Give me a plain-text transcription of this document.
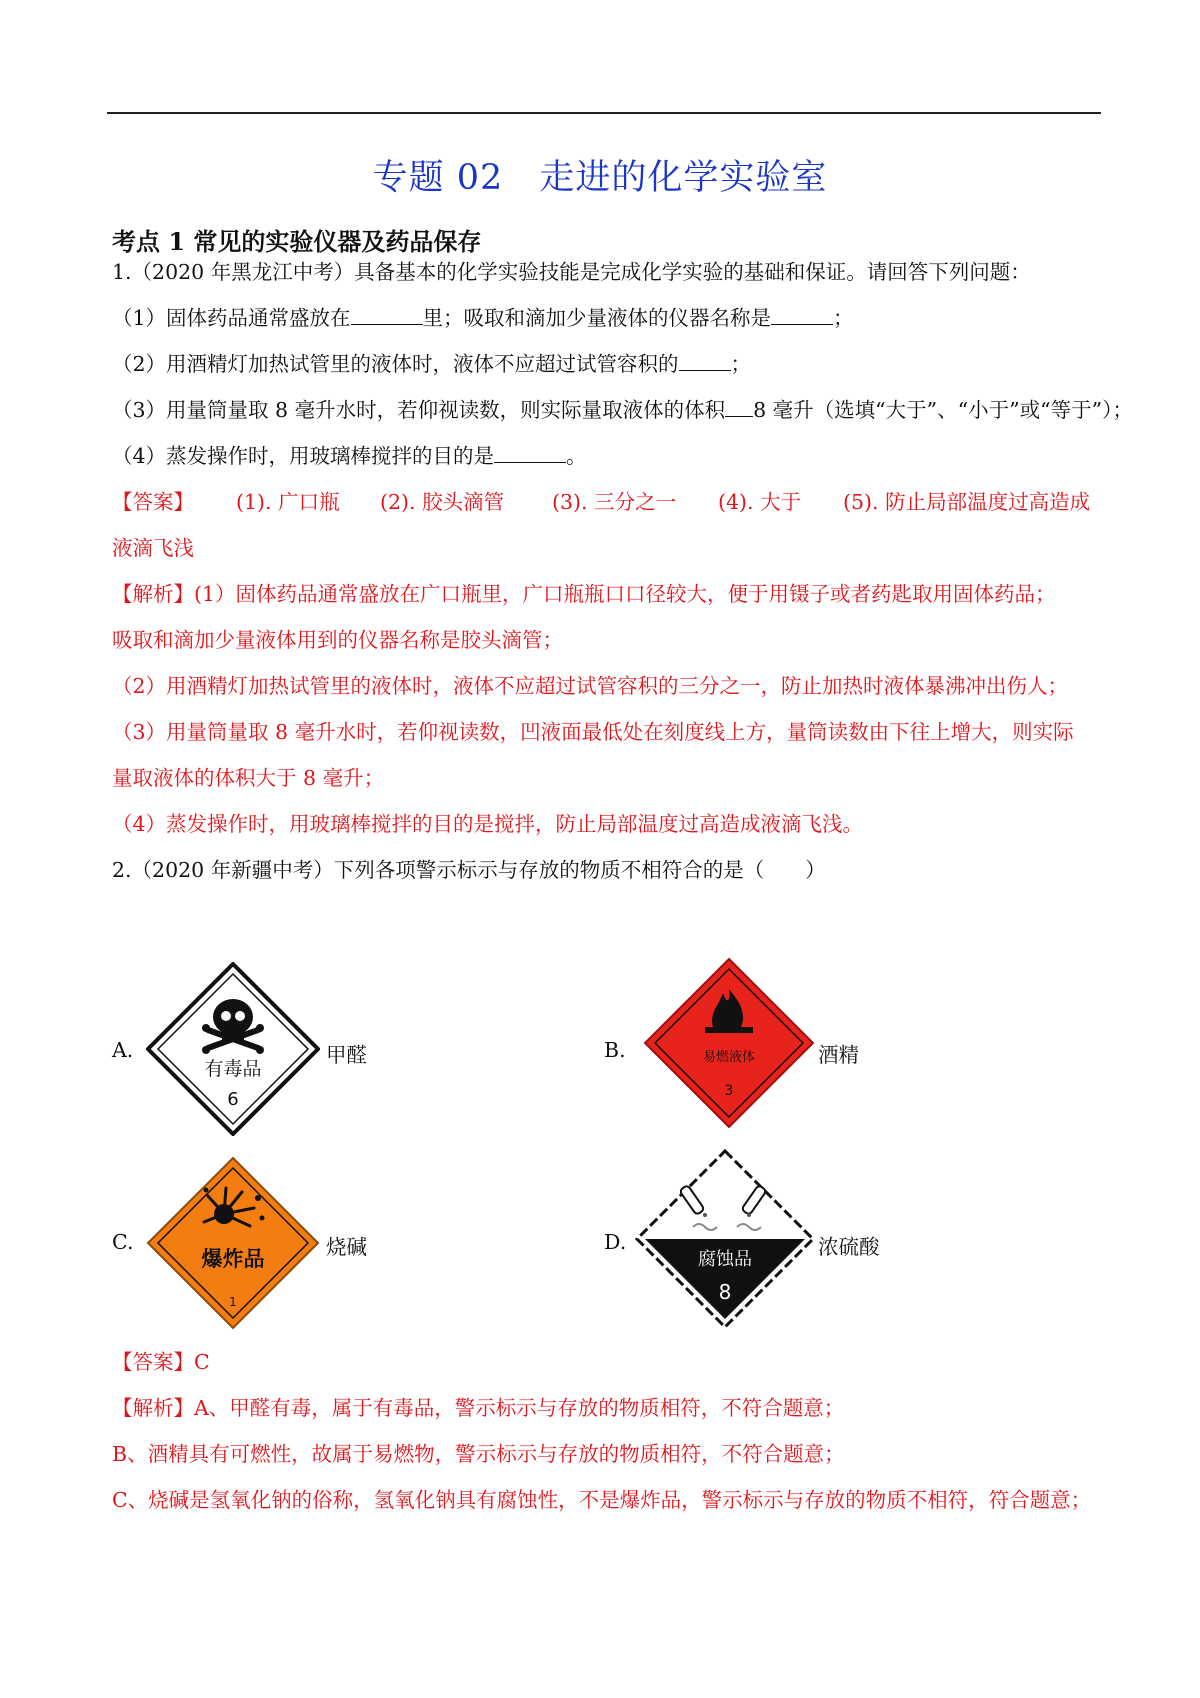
专题 02　走进的化学实验室
考点 1 常见的实验仪器及药品保存
1.（2020 年黑龙江中考）具备基本的化学实验技能是完成化学实验的基础和保证。请回答下列问题：
（1）固体药品通常盛放在	里；吸取和滴加少量液体的仪器名称是	；
（2）用酒精灯加热试管里的液体时，液体不应超过试管容积的	；
（3）用量筒量取 8 毫升水时，若仰视读数，则实际量取液体的体积 8 毫升（选填“大于”、“小于”或“等于”）；
（4）蒸发操作时，用玻璃棒搅拌的目的是	。
【答案】 (1). 广口瓶 (2). 胶头滴管 (3). 三分之一 (4). 大于 (5). 防止局部温度过高造成
液滴飞浅
【解析】(1）固体药品通常盛放在广口瓶里，广口瓶瓶口口径较大，便于用镊子或者药匙取用固体药品；
吸取和滴加少量液体用到的仪器名称是胶头滴管；
（2）用酒精灯加热试管里的液体时，液体不应超过试管容积的三分之一，防止加热时液体暴沸冲出伤人；
（3）用量筒量取 8 毫升水时，若仰视读数，凹液面最低处在刻度线上方，量筒读数由下往上增大，则实际
量取液体的体积大于 8 毫升；
（4）蒸发操作时，用玻璃棒搅拌的目的是搅拌，防止局部温度过高造成液滴飞浅。
2.（2020 年新疆中考）下列各项警示标示与存放的物质不相符合的是（　　）
A.
有毒品
6
甲醛	B.	易燃液体
3
酒精
C.
爆炸品
1
烧碱	D.
腐蚀品
8
浓硫酸
【答案】C
【解析】A、甲醛有毒，属于有毒品，警示标示与存放的物质相符，不符合题意；
B、酒精具有可燃性，故属于易燃物，警示标示与存放的物质相符，不符合题意；
C、烧碱是氢氧化钠的俗称，氢氧化钠具有腐蚀性，不是爆炸品，警示标示与存放的物质不相符，符合题意；
